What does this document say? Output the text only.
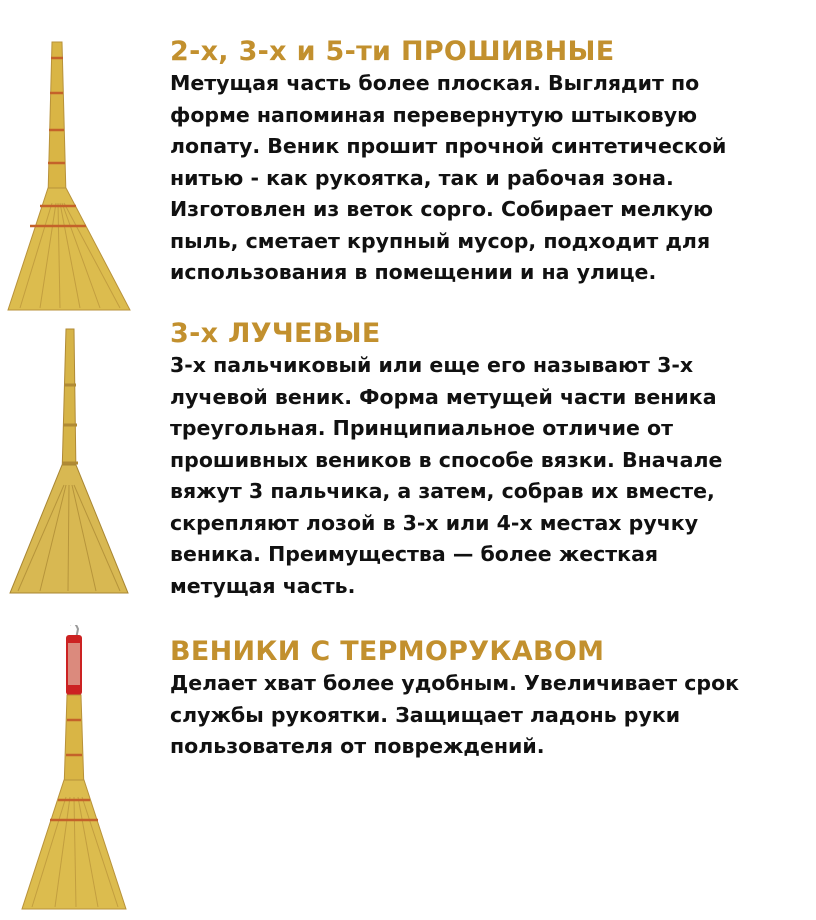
2-х, 3-х и 5-ти ПРОШИВНЫЕ
Метущая часть более плоская. Выглядит по
форме напоминая перевернутую штыковую
лопату. Веник прошит прочной синтетической
нитью - как рукоятка, так и рабочая зона.
Изготовлен из веток сорго. Собирает мелкую
пыль, сметает крупный мусор, подходит для
использования в помещении и на улице.
3-х ЛУЧЕВЫЕ
3-х пальчиковый или еще его называют 3-х
лучевой веник. Форма метущей части веника
треугольная. Принципиальное отличие от
прошивных веников в способе вязки. Вначале
вяжут 3 пальчика, а затем, собрав их вместе,
скрепляют лозой в 3-х или 4-х местах ручку
веника. Преимущества — более жесткая
метущая часть.
ВЕНИКИ С ТЕРМОРУКАВОМ
Делает хват более удобным. Увеличивает срок
службы рукоятки. Защищает ладонь руки
пользователя от повреждений.
